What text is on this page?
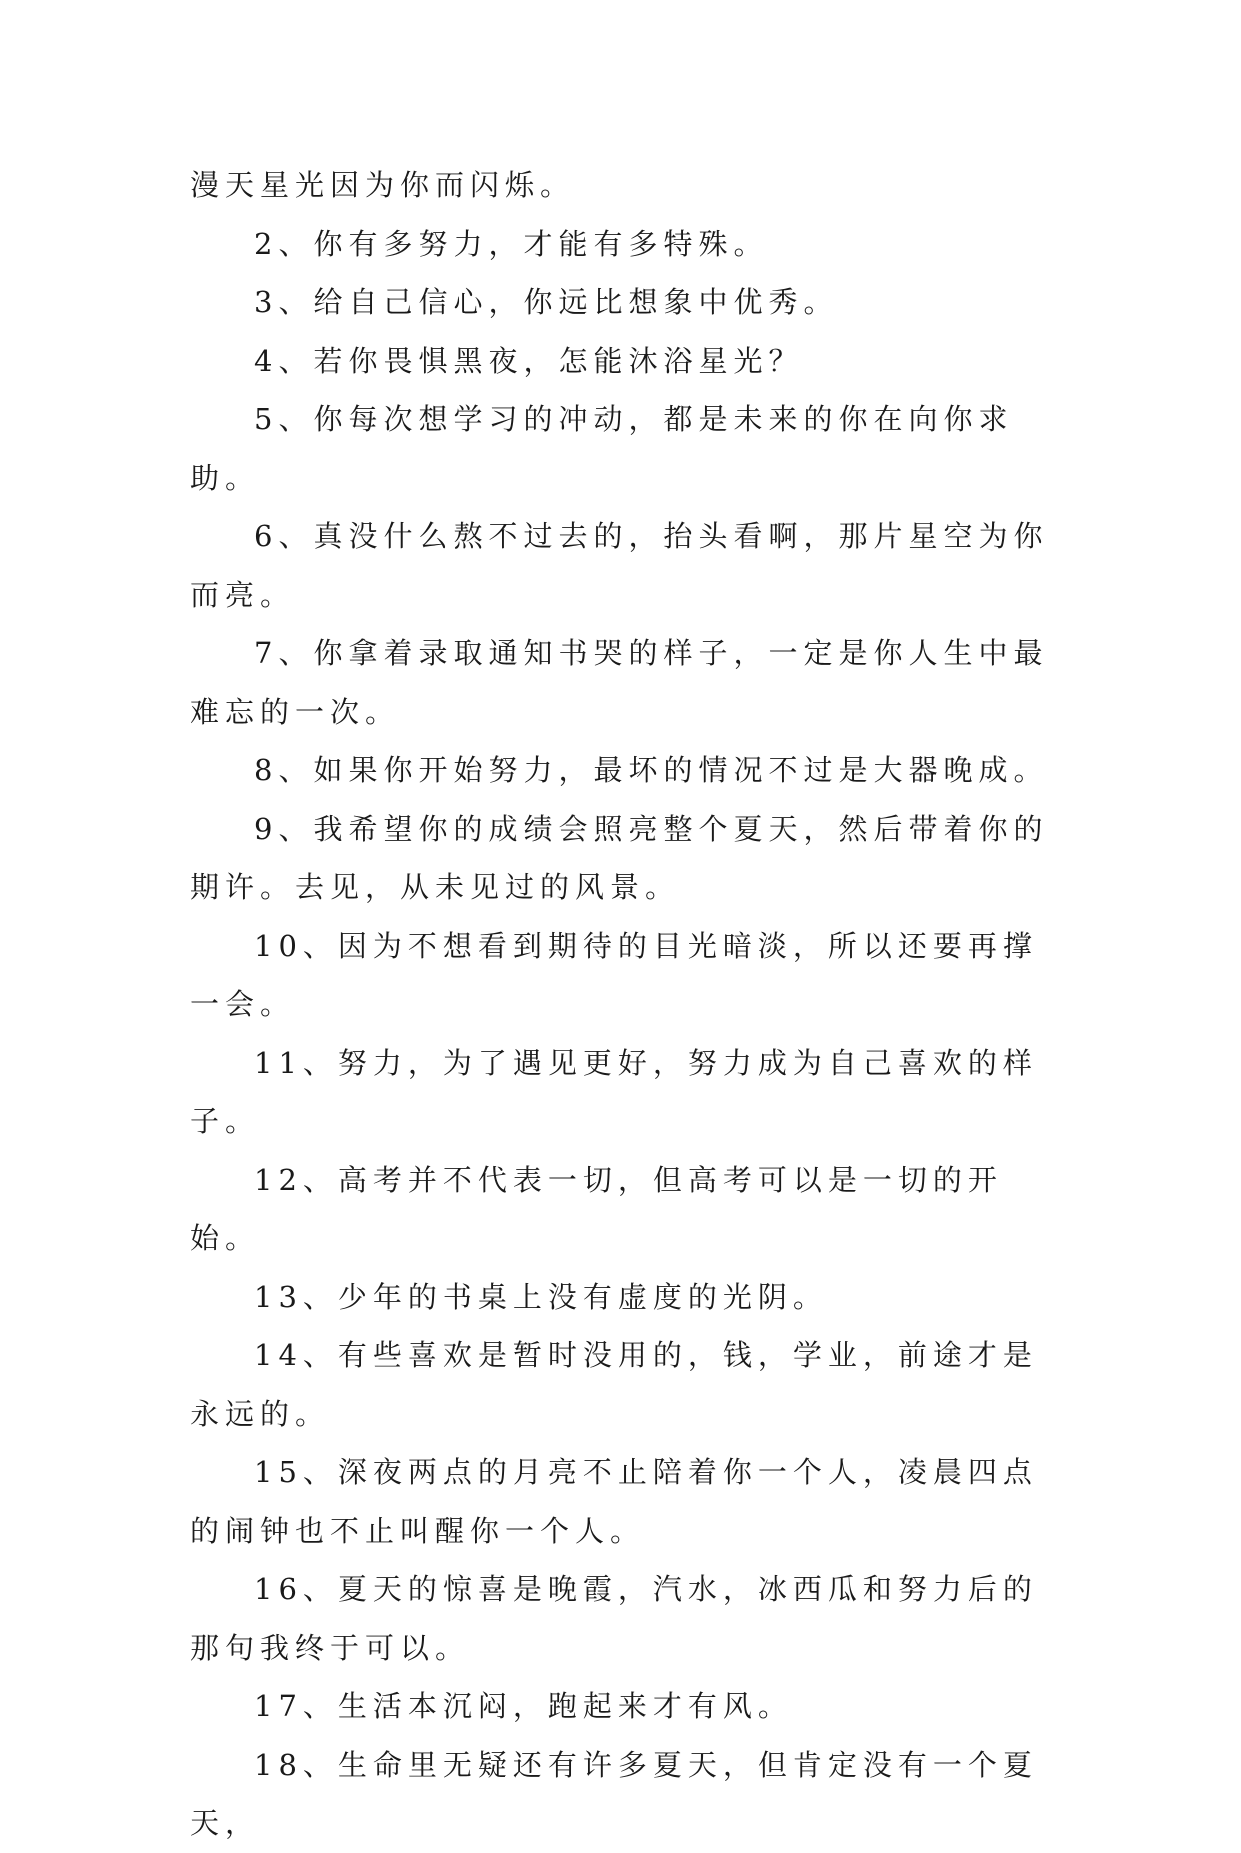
漫天星光因为你而闪烁。

2、你有多努力，才能有多特殊。

3、给自己信心，你远比想象中优秀。

4、若你畏惧黑夜，怎能沐浴星光？

5、你每次想学习的冲动，都是未来的你在向你求助。

6、真没什么熬不过去的，抬头看啊，那片星空为你而亮。

7、你拿着录取通知书哭的样子，一定是你人生中最难忘的一次。

8、如果你开始努力，最坏的情况不过是大器晚成。

9、我希望你的成绩会照亮整个夏天，然后带着你的期许。去见，从未见过的风景。

10、因为不想看到期待的目光暗淡，所以还要再撑一会。

11、努力，为了遇见更好，努力成为自己喜欢的样子。

12、高考并不代表一切，但高考可以是一切的开始。

13、少年的书桌上没有虚度的光阴。

14、有些喜欢是暂时没用的，钱，学业，前途才是永远的。

15、深夜两点的月亮不止陪着你一个人，凌晨四点的闹钟也不止叫醒你一个人。

16、夏天的惊喜是晚霞，汽水，冰西瓜和努力后的那句我终于可以。

17、生活本沉闷，跑起来才有风。

18、生命里无疑还有许多夏天，但肯定没有一个夏天，
